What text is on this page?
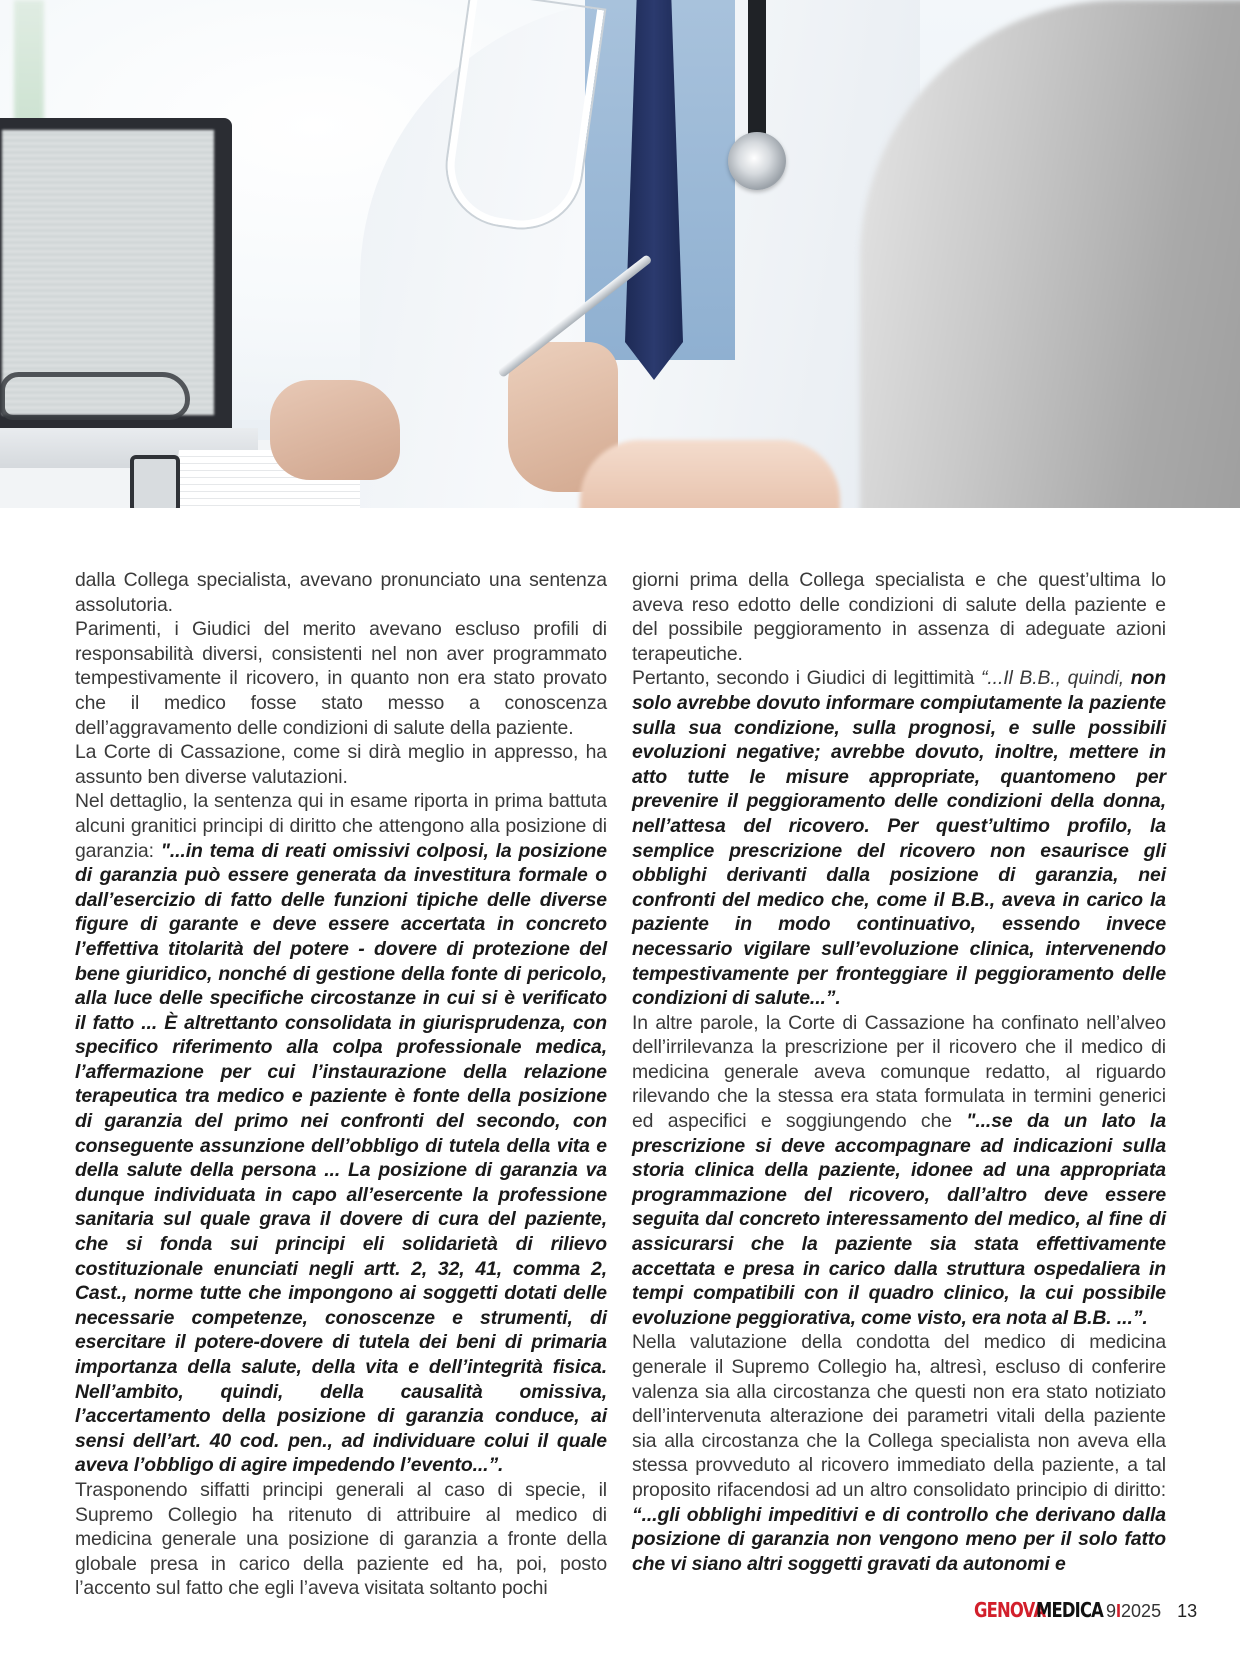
dalla Collega specialista, avevano pronunciato una sentenza assolutoria.

Parimenti, i Giudici del merito avevano escluso profili di responsabilità diversi, consistenti nel non aver programmato tempestivamente il ricovero, in quanto non era stato provato che il medico fosse stato messo a conoscenza dell’aggravamento delle condizioni di salute della paziente.

La Corte di Cassazione, come si dirà meglio in appresso, ha assunto ben diverse valutazioni.

Nel dettaglio, la sentenza qui in esame riporta in prima battuta alcuni granitici principi di diritto che attengono alla posizione di garanzia: "...in tema di reati omissivi colposi, la posizione di garanzia può essere generata da investitura formale o dall’esercizio di fatto delle funzioni tipiche delle diverse figure di garante e deve essere accertata in concreto l’effettiva titolarità del potere - dovere di protezione del bene giuridico, nonché di gestione della fonte di pericolo, alla luce delle specifiche circostanze in cui si è verificato il fatto ... È altrettanto consolidata in giurisprudenza, con specifico riferimento alla colpa professionale medica, l’affermazione per cui l’instaurazione della relazione terapeutica tra medico e paziente è fonte della posizione di garanzia del primo nei confronti del secondo, con conseguente assunzione dell’obbligo di tutela della vita e della salute della persona ... La posizione di garanzia va dunque individuata in capo all’esercente la professione sanitaria sul quale grava il dovere di cura del paziente, che si fonda sui principi eli solidarietà di rilievo costituzionale enunciati negli artt. 2, 32, 41, comma 2, Cast., norme tutte che impongono ai soggetti dotati delle necessarie competenze, conoscenze e strumenti, di esercitare il potere-dovere di tutela dei beni di primaria importanza della salute, della vita e dell’integrità fisica. Nell’ambito, quindi, della causalità omissiva, l’accertamento della posizione di garanzia conduce, ai sensi dell’art. 40 cod. pen., ad individuare colui il quale aveva l’obbligo di agire impedendo l’evento...”.

Trasponendo siffatti principi generali al caso di specie, il Supremo Collegio ha ritenuto di attribuire al medico di medicina generale una posizione di garanzia a fronte della globale presa in carico della paziente ed ha, poi, posto l’accento sul fatto che egli l’aveva visitata soltanto pochi

giorni prima della Collega specialista e che quest’ultima lo aveva reso edotto delle condizioni di salute della paziente e del possibile peggioramento in assenza di adeguate azioni terapeutiche.

Pertanto, secondo i Giudici di legittimità “...Il B.B., quindi, non solo avrebbe dovuto informare compiutamente la paziente sulla sua condizione, sulla prognosi, e sulle possibili evoluzioni negative; avrebbe dovuto, inoltre, mettere in atto tutte le misure appropriate, quantomeno per prevenire il peggioramento delle condizioni della donna, nell’attesa del ricovero. Per quest’ultimo profilo, la semplice prescrizione del ricovero non esaurisce gli obblighi derivanti dalla posizione di garanzia, nei confronti del medico che, come il B.B., aveva in carico la paziente in modo continuativo, essendo invece necessario vigilare sull’evoluzione clinica, intervenendo tempestivamente per fronteggiare il peggioramento delle condizioni di salute...”.

In altre parole, la Corte di Cassazione ha confinato nell’alveo dell’irrilevanza la prescrizione per il ricovero che il medico di medicina generale aveva comunque redatto, al riguardo rilevando che la stessa era stata formulata in termini generici ed aspecifici e soggiungendo che "...se da un lato la prescrizione si deve accompagnare ad indicazioni sulla storia clinica della paziente, idonee ad una appropriata programmazione del ricovero, dall’altro deve essere seguita dal concreto interessamento del medico, al fine di assicurarsi che la paziente sia stata effettivamente accettata e presa in carico dalla struttura ospedaliera in tempi compatibili con il quadro clinico, la cui possibile evoluzione peggiorativa, come visto, era nota al B.B. ...”.

Nella valutazione della condotta del medico di medicina generale il Supremo Collegio ha, altresì, escluso di conferire valenza sia alla circostanza che questi non era stato notiziato dell’intervenuta alterazione dei parametri vitali della paziente sia alla circostanza che la Collega specialista non aveva ella stessa provveduto al ricovero immediato della paziente, a tal proposito rifacendosi ad un altro consolidato principio di diritto: “...gli obblighi impeditivi e di controllo che derivano dalla posizione di garanzia non vengono meno per il solo fatto che vi siano altri soggetti gravati da autonomi e

GENOVA
MEDICA 9I2025 13
